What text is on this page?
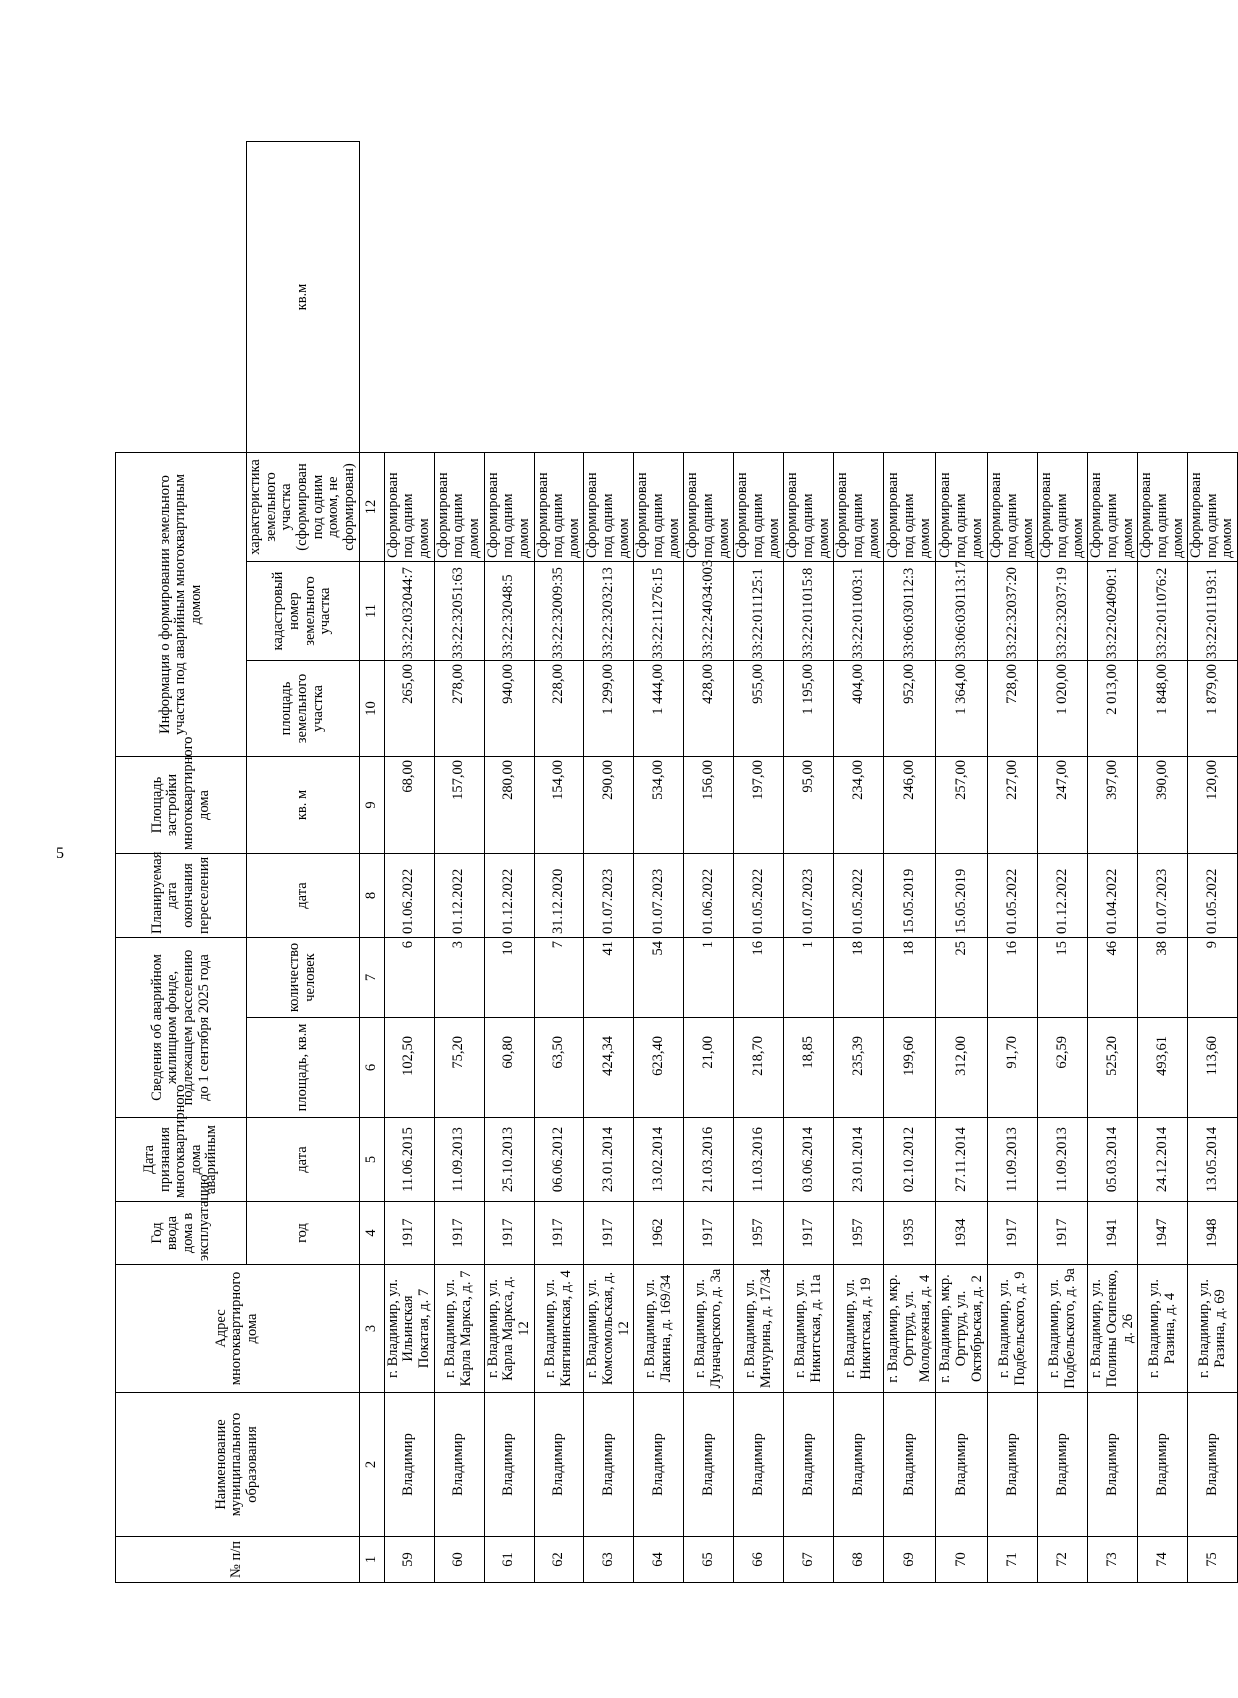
5
№ п/п	Наименование муниципального образования	Адрес многоквартирного дома	Год ввода дома в эксплуатацию	Дата признания многоквартирного дома аварийным	Сведения об аварийном жилищном фонде, подлежащем расселению до 1 сентября 2025 года		Планируемая дата окончания переселения	Площадь застройки многоквартирного дома	Информация о формировании земельного участка под аварийным многоквартирным домом			
									площадь земельного участка	кадастровый номер земельного участка	характеристика земельного участка (сформирован под одним домом, не сформирован)	
			год	дата	площадь, кв.м	количество человек	дата	кв. м				кв.м
1	2	3	4	5	6	7	8	9	10	11	12	
59	Владимир	г. Владимир, ул. Ильинская Покатая, д. 7	1917	11.06.2015	102,50	6	01.06.2022	68,00	265,00	33:22:032044:7	Сформирован под одним домом	
60	Владимир	г. Владимир, ул. Карла Маркса, д. 7	1917	11.09.2013	75,20	3	01.12.2022	157,00	278,00	33:22:32051:63	Сформирован под одним домом	
61	Владимир	г. Владимир, ул. Карла Маркса, д. 12	1917	25.10.2013	60,80	10	01.12.2022	280,00	940,00	33:22:32048:5	Сформирован под одним домом	
62	Владимир	г. Владимир, ул. Княгининская, д. 4	1917	06.06.2012	63,50	7	31.12.2020	154,00	228,00	33:22:32009:35	Сформирован под одним домом	
63	Владимир	г. Владимир, ул. Комсомольская, д. 12	1917	23.01.2014	424,34	41	01.07.2023	290,00	1 299,00	33:22:32032:13	Сформирован под одним домом	
64	Владимир	г. Владимир, ул. Лакина, д. 169/34	1962	13.02.2014	623,40	54	01.07.2023	534,00	1 444,00	33:22:11276:15	Сформирован под одним домом	
65	Владимир	г. Владимир, ул. Луначарского, д. 3а	1917	21.03.2016	21,00	1	01.06.2022	156,00	428,00	33:22:24034:003	Сформирован под одним домом	
66	Владимир	г. Владимир, ул. Мичурина, д. 17/34	1957	11.03.2016	218,70	16	01.05.2022	197,00	955,00	33:22:011125:1	Сформирован под одним домом	
67	Владимир	г. Владимир, ул. Никитская, д. 11а	1917	03.06.2014	18,85	1	01.07.2023	95,00	1 195,00	33:22:011015:8	Сформирован под одним домом	
68	Владимир	г. Владимир, ул. Никитская, д. 19	1957	23.01.2014	235,39	18	01.05.2022	234,00	404,00	33:22:011003:1	Сформирован под одним домом	
69	Владимир	г. Владимир, мкр. Оргтруд, ул. Молодежная, д. 4	1935	02.10.2012	199,60	18	15.05.2019	246,00	952,00	33:06:030112:3	Сформирован под одним домом	
70	Владимир	г. Владимир, мкр. Оргтруд, ул. Октябрьская, д. 2	1934	27.11.2014	312,00	25	15.05.2019	257,00	1 364,00	33:06:030113:17	Сформирован под одним домом	
71	Владимир	г. Владимир, ул. Подбельского, д. 9	1917	11.09.2013	91,70	16	01.05.2022	227,00	728,00	33:22:32037:20	Сформирован под одним домом	
72	Владимир	г. Владимир, ул. Подбельского, д. 9а	1917	11.09.2013	62,59	15	01.12.2022	247,00	1 020,00	33:22:32037:19	Сформирован под одним домом	
73	Владимир	г. Владимир, ул. Полины Осипенко, д. 26	1941	05.03.2014	525,20	46	01.04.2022	397,00	2 013,00	33:22:024090:1	Сформирован под одним домом	
74	Владимир	г. Владимир, ул. Разина, д. 4	1947	24.12.2014	493,61	38	01.07.2023	390,00	1 848,00	33:22:011076:2	Сформирован под одним домом	
75	Владимир	г. Владимир, ул. Разина, д. 69	1948	13.05.2014	113,60	9	01.05.2022	120,00	1 879,00	33:22:011193:1	Сформирован под одним домом	
